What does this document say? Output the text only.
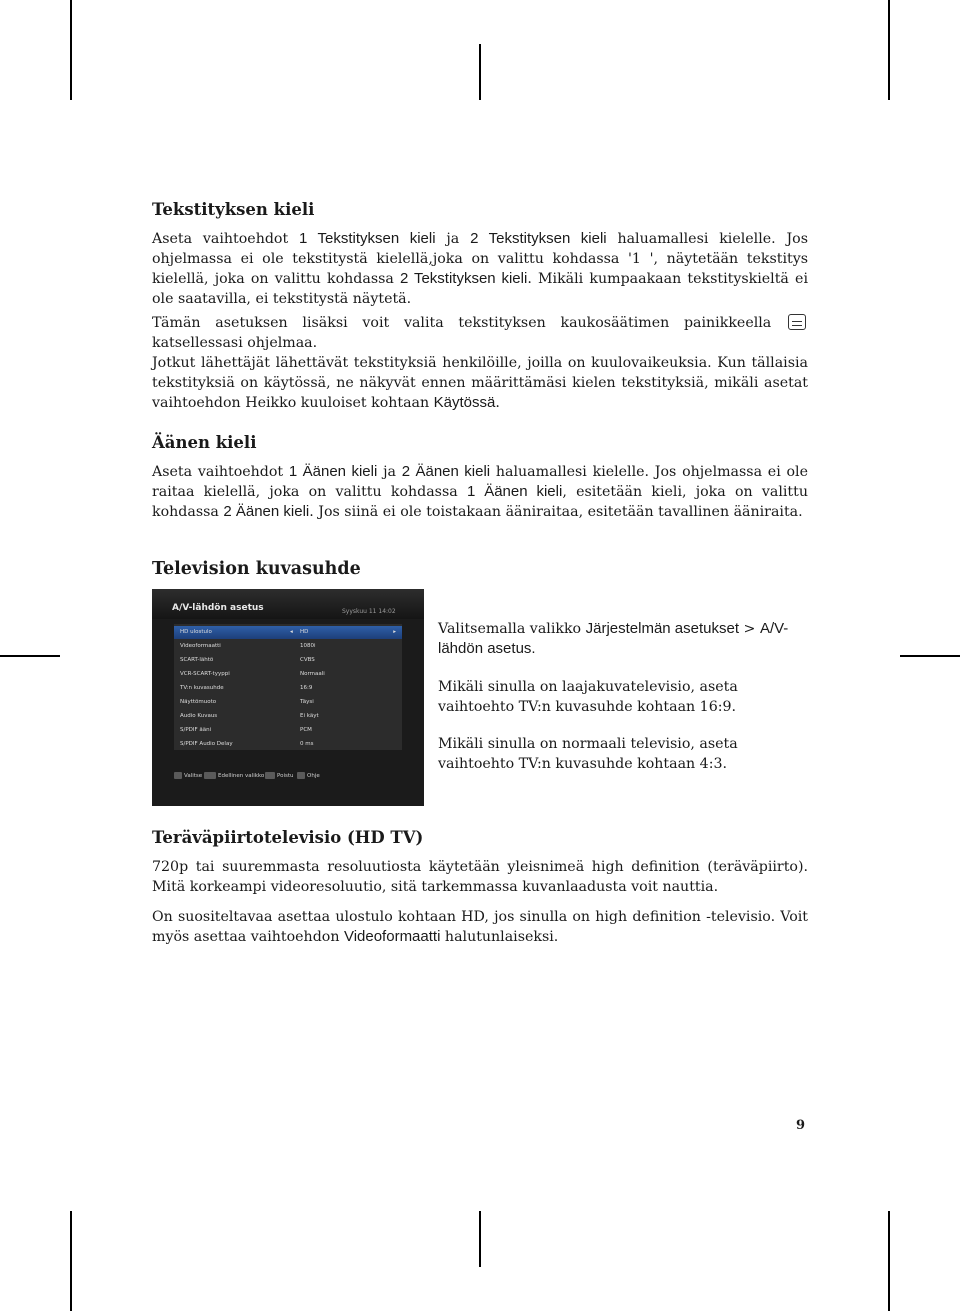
Tekstityksen kieli

Aseta vaihtoehdot 1 Tekstityksen kieli ja 2 Tekstityksen kieli haluamallesi kielelle. Jos ohjelmassa ei ole tekstitystä kielellä,joka on valittu kohdassa '1 ', näytetään tekstitys kielellä, joka on valittu kohdassa 2 Tekstityksen kieli. Mikäli kumpaakaan tekstityskieltä ei ole saatavilla, ei tekstitystä näytetä.

Tämän asetuksen lisäksi voit valita tekstityksen kaukosäätimen painikkeella  katsellessasi ohjelmaa.

Jotkut lähettäjät lähettävät tekstityksiä henkilöille, joilla on kuulovaikeuksia. Kun tällaisia tekstityksiä on käytössä, ne näkyvät ennen määrittämäsi kielen tekstityksiä, mikäli asetat vaihtoehdon Heikko kuuloiset kohtaan Käytössä.

Äänen kieli

Aseta vaihtoehdot 1 Äänen kieli ja 2 Äänen kieli haluamallesi kielelle. Jos ohjelmassa ei ole raitaa kielellä, joka on valittu kohdassa 1 Äänen kieli, esitetään kieli, joka on valittu kohdassa 2 Äänen kieli. Jos siinä ei ole toistakaan ääniraitaa, esitetään tavallinen ääniraita.

Television kuvasuhde
A/V-lähdön asetus	Syyskuu 11 14:02
HD ulostulo	◂ HD	▸
Videoformaatti	1080i
SCART-lähtö	CVBS
VCR-SCART-tyyppi	Normaali
TV:n kuvasuhde	16:9
Näyttömuoto	Täysi
Audio Kuvaus	Ei käyt
S/PDIF ääni	PCM
S/PDIF Audio Delay	0 ms
Valitse	Edellinen valikko Poistu Ohje

Valitsemalla valikko Järjestelmän asetukset > A/V-lähdön asetus.

Mikäli sinulla on laajakuvatelevisio, aseta vaihtoehto TV:n kuvasuhde kohtaan 16:9.

Mikäli sinulla on normaali televisio, aseta vaihtoehto TV:n kuvasuhde kohtaan 4:3.

Teräväpiirtotelevisio (HD TV)

720p tai suuremmasta resoluutiosta käytetään yleisnimeä high definition (teräväpiirto). Mitä korkeampi videoresoluutio, sitä tarkemmassa kuvanlaadusta voit nauttia.

On suositeltavaa asettaa ulostulo kohtaan HD, jos sinulla on high definition -televisio. Voit myös asettaa vaihtoehdon Videoformaatti halutunlaiseksi.

9
